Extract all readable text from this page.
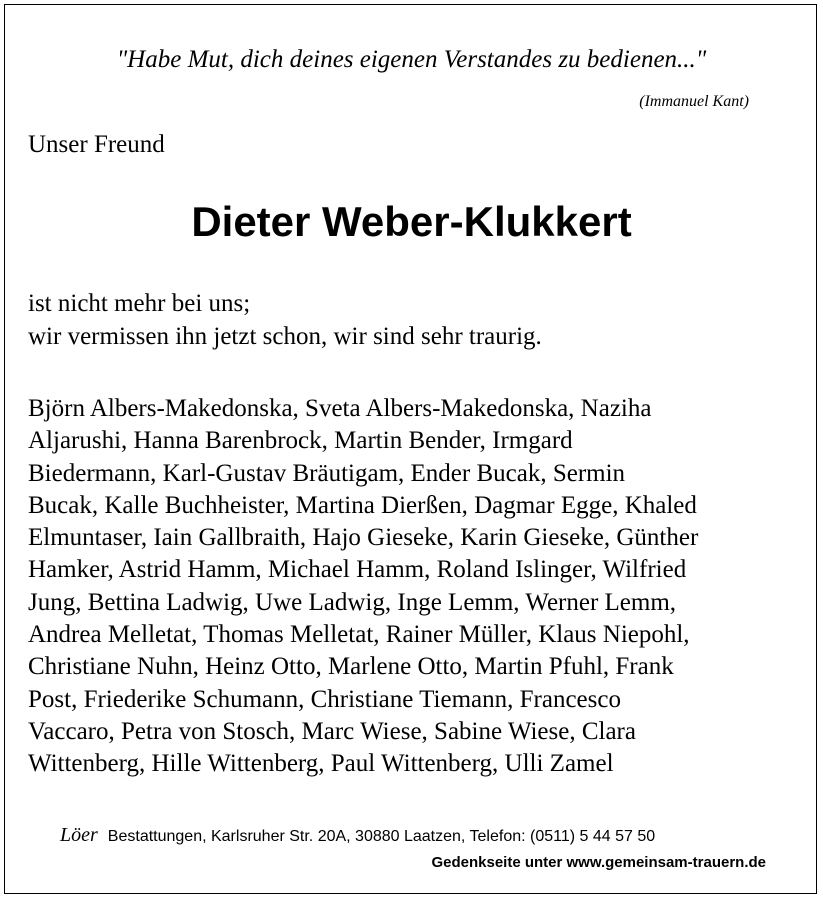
"Habe Mut, dich deines eigenen Verstandes zu bedienen..."
(Immanuel Kant)
Unser Freund
Dieter Weber-Klukkert
ist nicht mehr bei uns;
wir vermissen ihn jetzt schon, wir sind sehr traurig.
Björn Albers-Makedonska, Sveta Albers-Makedonska, Naziha
Aljarushi, Hanna Barenbrock, Martin Bender, Irmgard
Biedermann, Karl-Gustav Bräutigam, Ender Bucak, Sermin
Bucak, Kalle Buchheister, Martina Dierßen, Dagmar Egge, Khaled
Elmuntaser, Iain Gallbraith, Hajo Gieseke, Karin Gieseke, Günther
Hamker, Astrid Hamm, Michael Hamm, Roland Islinger, Wilfried
Jung, Bettina Ladwig, Uwe Ladwig, Inge Lemm, Werner Lemm,
Andrea Melletat, Thomas Melletat, Rainer Müller, Klaus Niepohl,
Christiane Nuhn, Heinz Otto, Marlene Otto, Martin Pfuhl, Frank
Post, Friederike Schumann, Christiane Tiemann, Francesco
Vaccaro, Petra von Stosch, Marc Wiese, Sabine Wiese, Clara
Wittenberg, Hille Wittenberg, Paul Wittenberg, Ulli Zamel
Löer Bestattungen, Karlsruher Str. 20A, 30880 Laatzen, Telefon: (0511) 5 44 57 50
Gedenkseite unter www.gemeinsam-trauern.de
